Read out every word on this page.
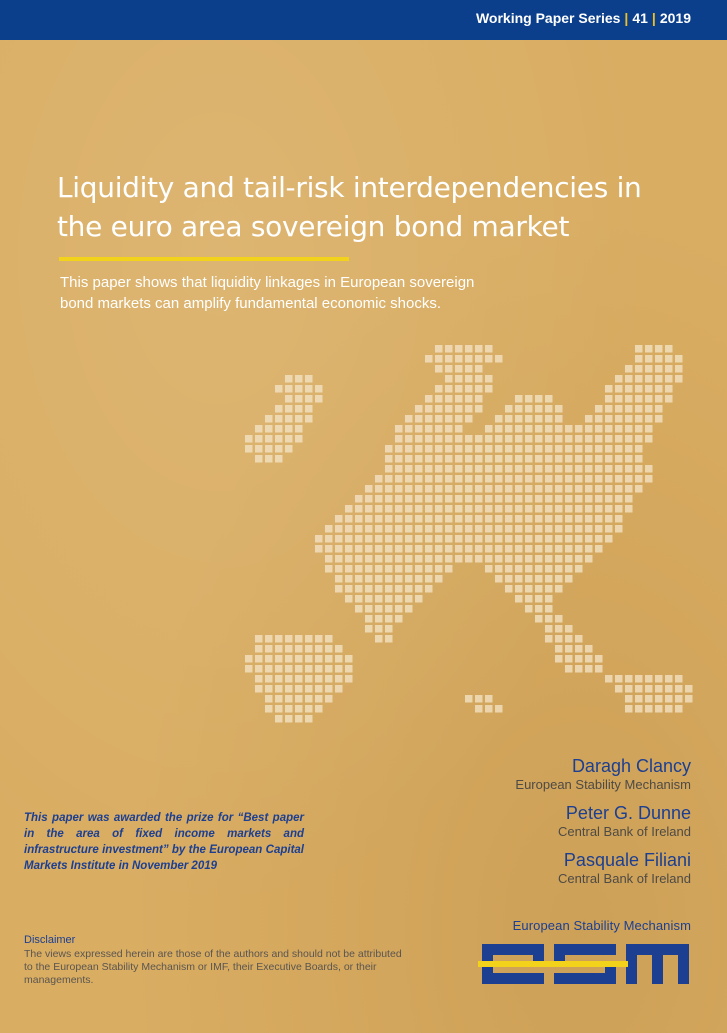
Working Paper Series | 41 | 2019
Liquidity and tail-risk interdependencies in the euro area sovereign bond market

This paper shows that liquidity linkages in European sovereign bond markets can amplify fundamental economic shocks.

Daragh Clancy
European Stability Mechanism
Peter G. Dunne
Central Bank of Ireland
Pasquale Filiani
Central Bank of Ireland

This paper was awarded the prize for “Best paper in the area of fixed income markets and infrastructure investment” by the European Capital Markets Institute in November 2019

Disclaimer

The views expressed herein are those of the authors and should not be attributed to the European Stability Mechanism or IMF, their Executive Boards, or their managements.

European Stability Mechanism
